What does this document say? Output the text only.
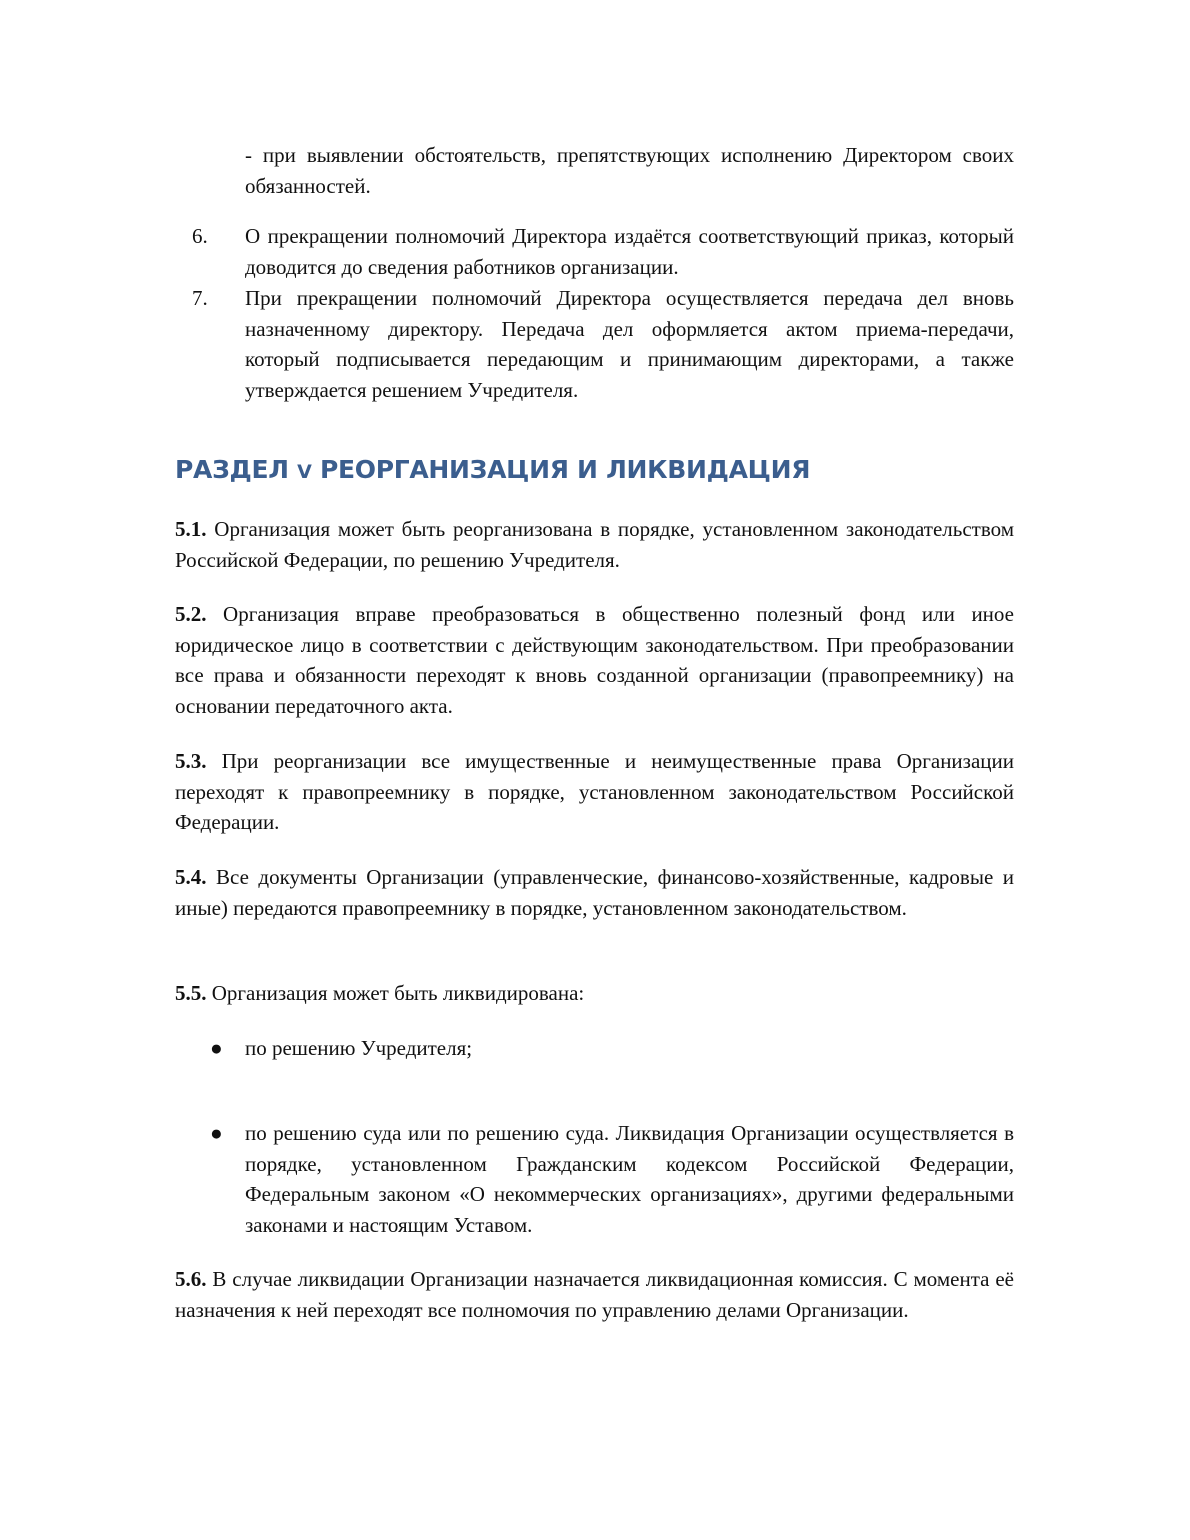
- при выявлении обстоятельств, препятствующих исполнению Директором своих обязанностей.
6. О прекращении полномочий Директора издаётся соответствующий приказ, который доводится до сведения работников организации.
7. При прекращении полномочий Директора осуществляется передача дел вновь назначенному директору. Передача дел оформляется актом приема-передачи, который подписывается передающим и принимающим директорами, а также утверждается решением Учредителя.
РАЗДЕЛ V РЕОРГАНИЗАЦИЯ И ЛИКВИДАЦИЯ
5.1. Организация может быть реорганизована в порядке, установленном законодательством Российской Федерации, по решению Учредителя.
5.2. Организация вправе преобразоваться в общественно полезный фонд или иное юридическое лицо в соответствии с действующим законодательством. При преобразовании все права и обязанности переходят к вновь созданной организации (правопреемнику) на основании передаточного акта.
5.3. При реорганизации все имущественные и неимущественные права Организации переходят к правопреемнику в порядке, установленном законодательством Российской Федерации.
5.4. Все документы Организации (управленческие, финансово-хозяйственные, кадровые и иные) передаются правопреемнику в порядке, установленном законодательством.
5.5. Организация может быть ликвидирована:
● по решению Учредителя;
● по решению суда или по решению суда. Ликвидация Организации осуществляется в порядке, установленном Гражданским кодексом Российской Федерации, Федеральным законом «О некоммерческих организациях», другими федеральными законами и настоящим Уставом.
5.6. В случае ликвидации Организации назначается ликвидационная комиссия. С момента её назначения к ней переходят все полномочия по управлению делами Организации.
